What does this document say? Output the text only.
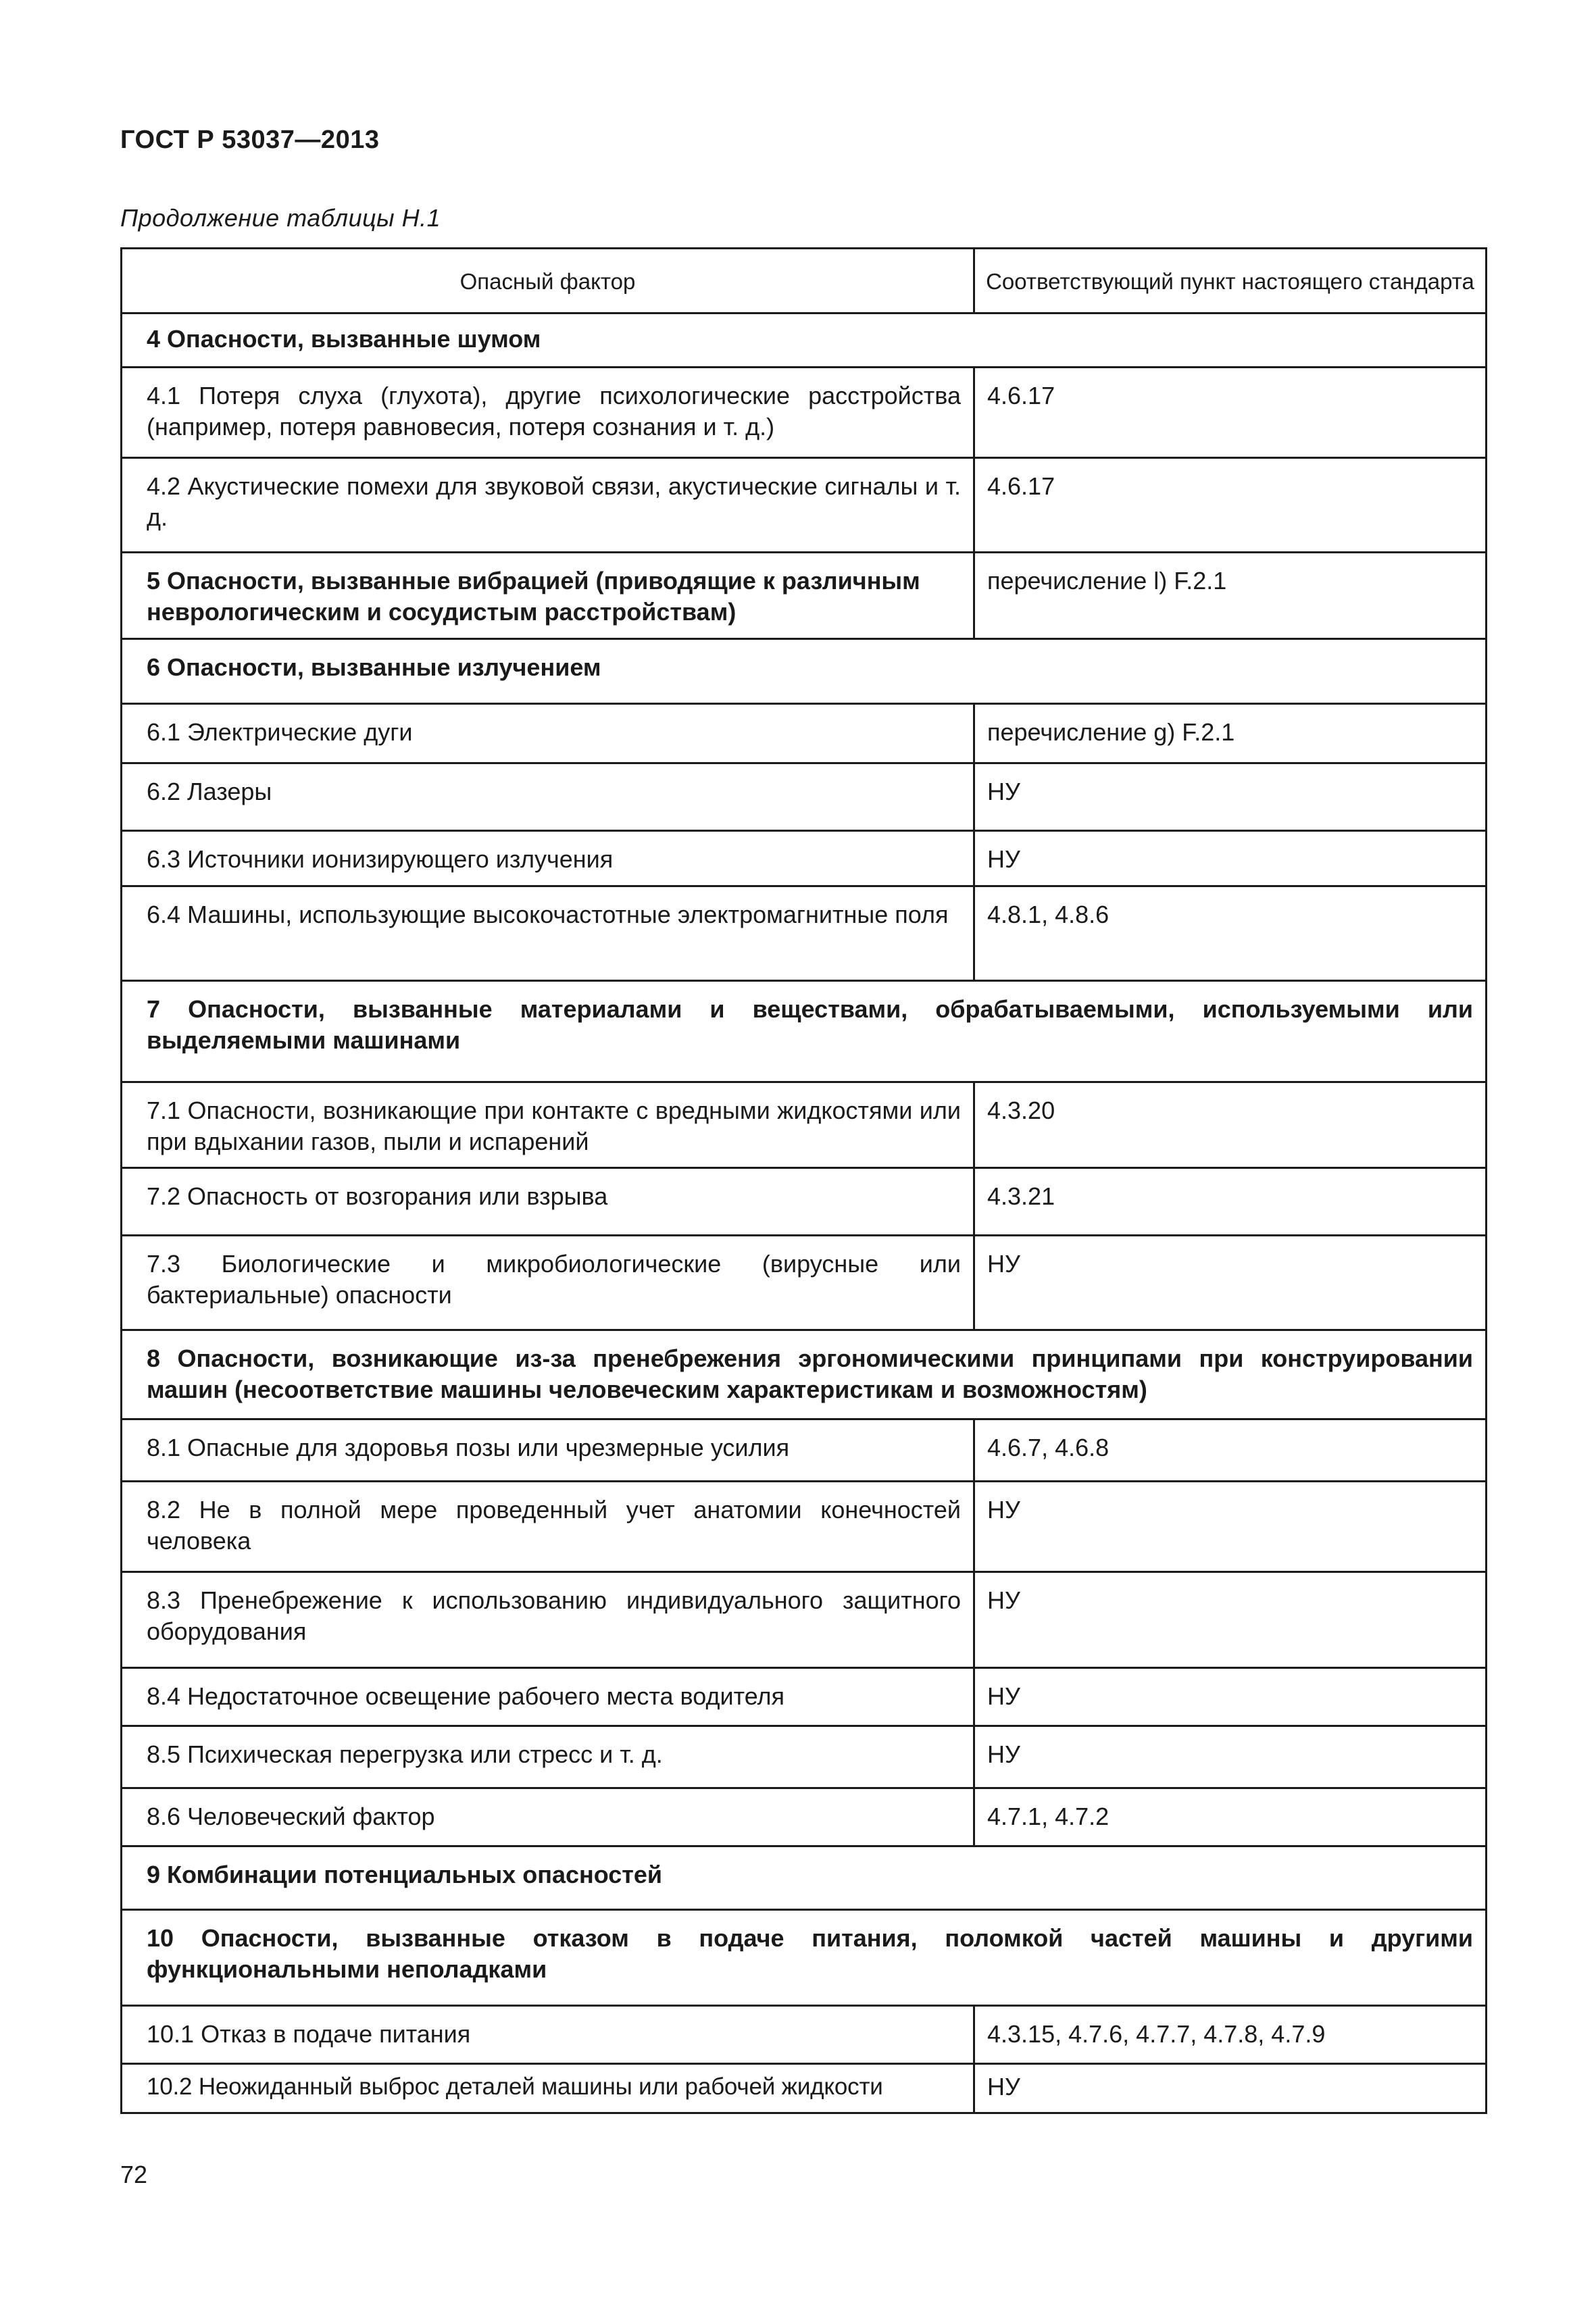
ГОСТ Р 53037—2013

Продолжение таблицы Н.1

Опасный фактор	Соответствующий пункт настоящего стандарта
4 Опасности, вызванные шумом	
4.1 Потеря слуха (глухота), другие психологические расстройства (например, потеря равновесия, потеря сознания и т. д.)	4.6.17
4.2 Акустические помехи для звуковой связи, акустические сигналы и т. д.	4.6.17
5 Опасности, вызванные вибрацией (приводящие к различным неврологическим и сосудистым расстройствам)	перечисление l) F.2.1
6 Опасности, вызванные излучением	
6.1 Электрические дуги	перечисление g) F.2.1
6.2 Лазеры	НУ
6.3 Источники ионизирующего излучения	НУ
6.4 Машины, использующие высокочастотные электромагнитные поля	4.8.1, 4.8.6
7 Опасности, вызванные материалами и веществами, обрабатываемыми, используемыми или выделяемыми машинами	
7.1 Опасности, возникающие при контакте с вредными жидкостями или при вдыхании газов, пыли и испарений	4.3.20
7.2 Опасность от возгорания или взрыва	4.3.21
7.3 Биологические и микробиологические (вирусные или бактериальные) опасности	НУ
8 Опасности, возникающие из-за пренебрежения эргономическими принципами при конструировании машин (несоответствие машины человеческим характеристикам и возможностям)	
8.1 Опасные для здоровья позы или чрезмерные усилия	4.6.7, 4.6.8
8.2 Не в полной мере проведенный учет анатомии конечностей человека	НУ
8.3 Пренебрежение к использованию индивидуального защитного оборудования	НУ
8.4 Недостаточное освещение рабочего места водителя	НУ
8.5 Психическая перегрузка или стресс и т. д.	НУ
8.6 Человеческий фактор	4.7.1, 4.7.2
9 Комбинации потенциальных опасностей	
10 Опасности, вызванные отказом в подаче питания, поломкой частей машины и другими функциональными неполадками	
10.1 Отказ в подаче питания	4.3.15, 4.7.6, 4.7.7, 4.7.8, 4.7.9
10.2 Неожиданный выброс деталей машины или рабочей жидкости	НУ

72
